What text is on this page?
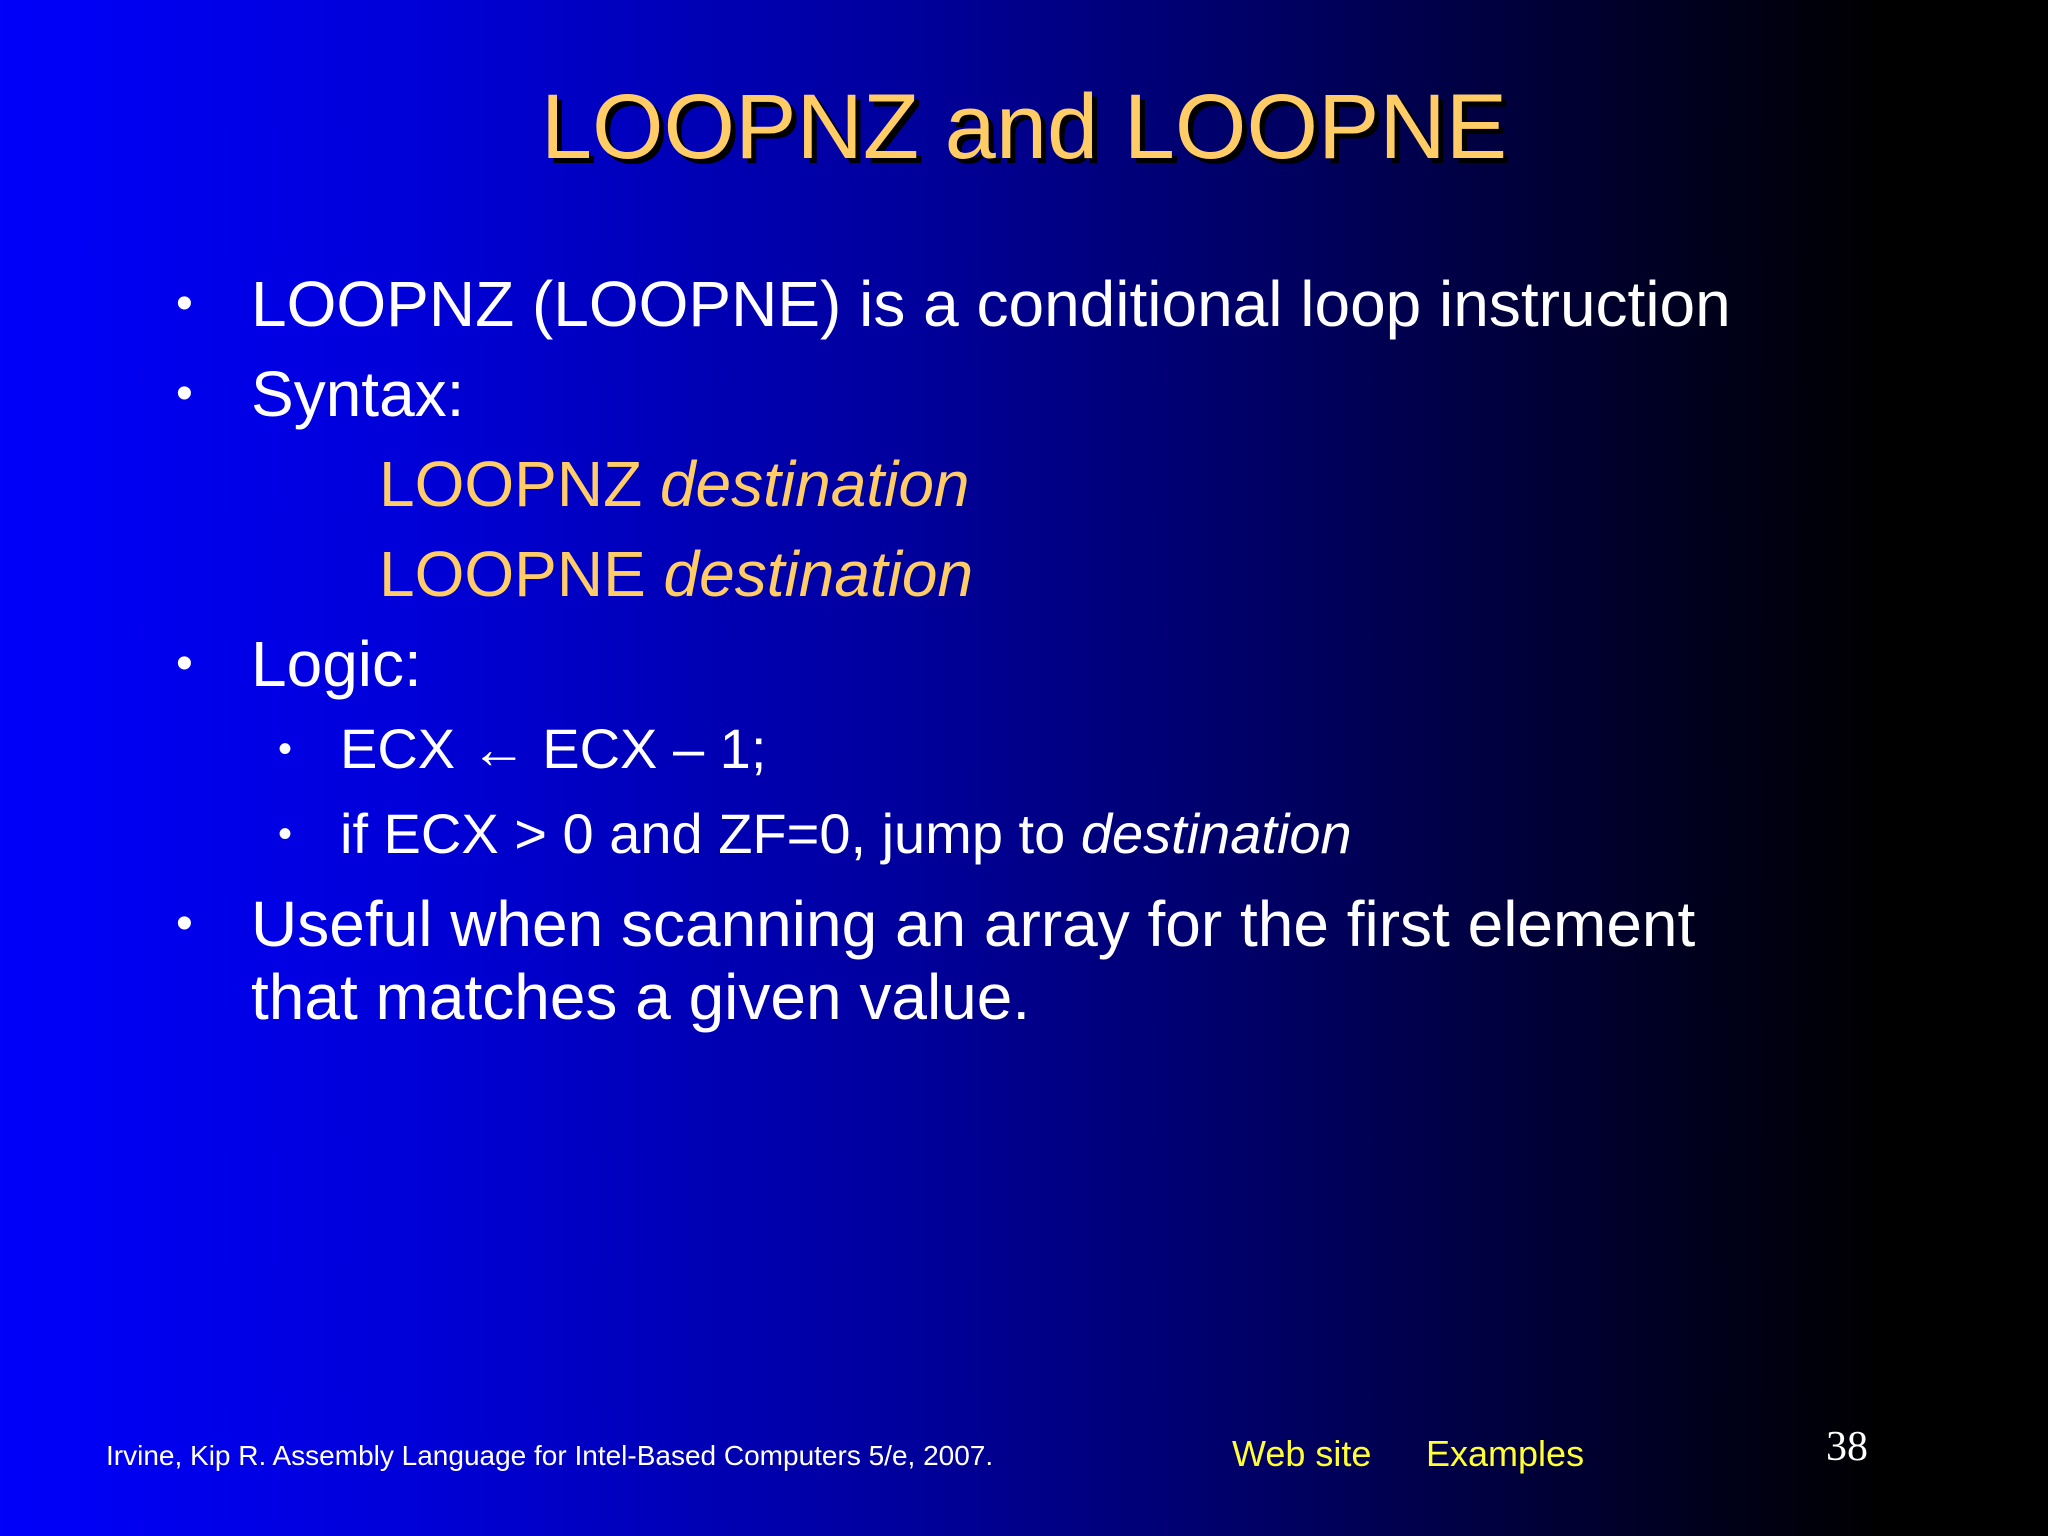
LOOPNZ and LOOPNE
• LOOPNZ (LOOPNE) is a conditional loop instruction
• Syntax:
LOOPNZ destination
LOOPNE destination
• Logic:
• ECX ← ECX – 1;
• if ECX > 0 and ZF=0, jump to destination
• Useful when scanning an array for the first element
that matches a given value.
Irvine, Kip R. Assembly Language for Intel-Based Computers 5/e, 2007.	Web site Examples	38
